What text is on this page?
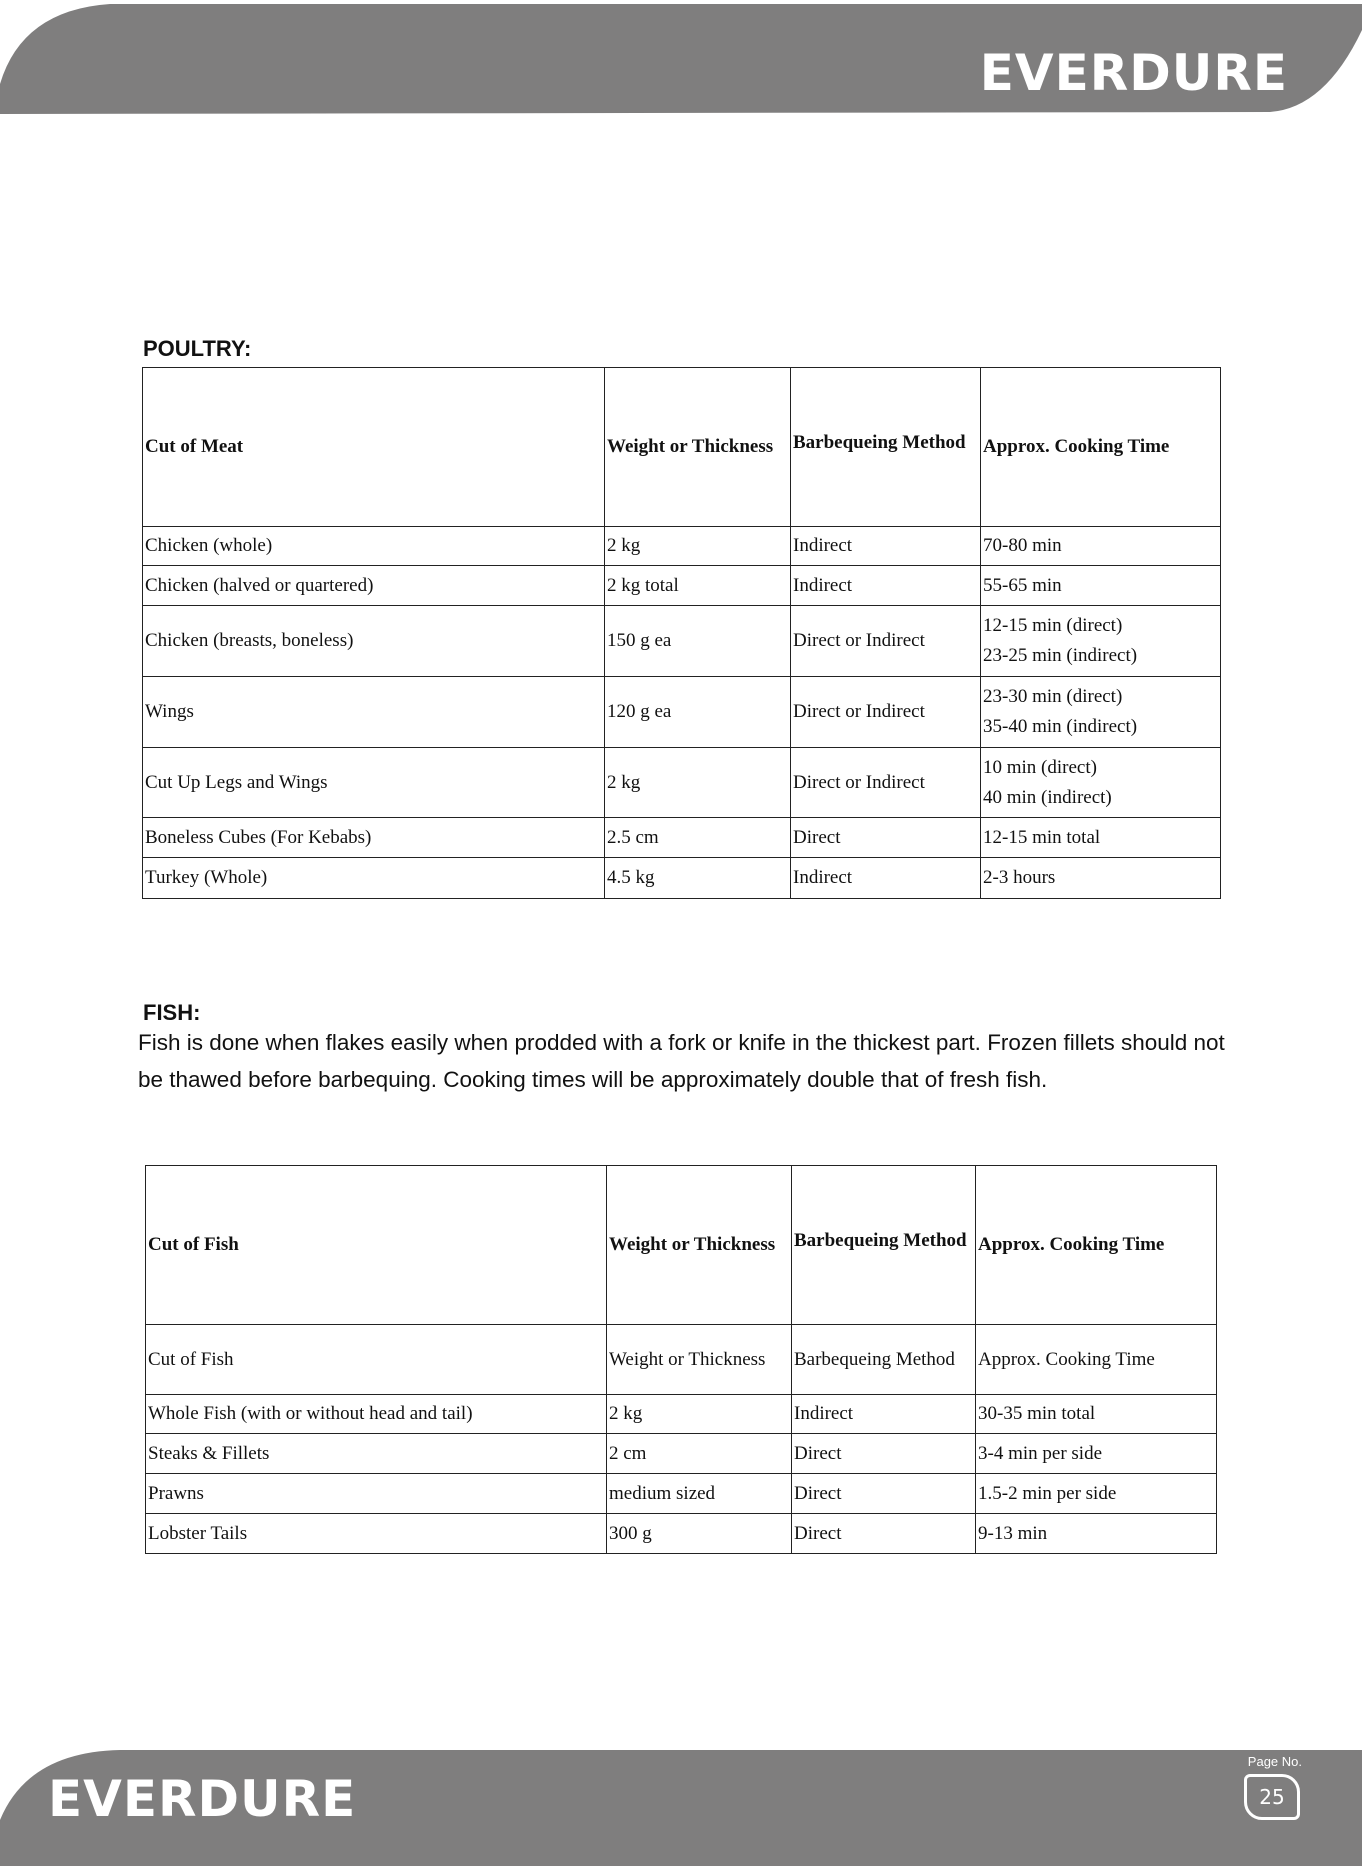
EVERDURE
POULTRY:
Cut of Meat	Weight or Thickness	Barbequeing Method	Approx. Cooking Time
Chicken (whole)	2 kg	Indirect	70-80 min
Chicken (halved or quartered)	2 kg total	Indirect	55-65 min
Chicken (breasts, boneless)	150 g ea	Direct or Indirect	12-15 min (direct)
23-25 min (indirect)

Wings	120 g ea	Direct or Indirect	23-30 min (direct)
35-40 min (indirect)

Cut Up Legs and Wings	2 kg	Direct or Indirect	10 min (direct)
40 min (indirect)

Boneless Cubes (For Kebabs)	2.5 cm	Direct	12-15 min total
Turkey (Whole)	4.5 kg	Indirect	2-3 hours
FISH:
Fish is done when flakes easily when prodded with a fork or knife in the thickest part. Frozen fillets should not be thawed before barbequing. Cooking times will be approximately double that of fresh fish.
Cut of Fish	Weight or Thickness	Barbequeing Method	Approx. Cooking Time
Cut of Fish	Weight or Thickness	Barbequeing Method	Approx. Cooking Time
Whole Fish (with or without head and tail)	2 kg	Indirect	30-35 min total
Steaks & Fillets	2 cm	Direct	3-4 min per side
Prawns	medium sized	Direct	1.5-2 min per side
Lobster Tails	300 g	Direct	9-13 min
EVERDURE
Page No.
25
